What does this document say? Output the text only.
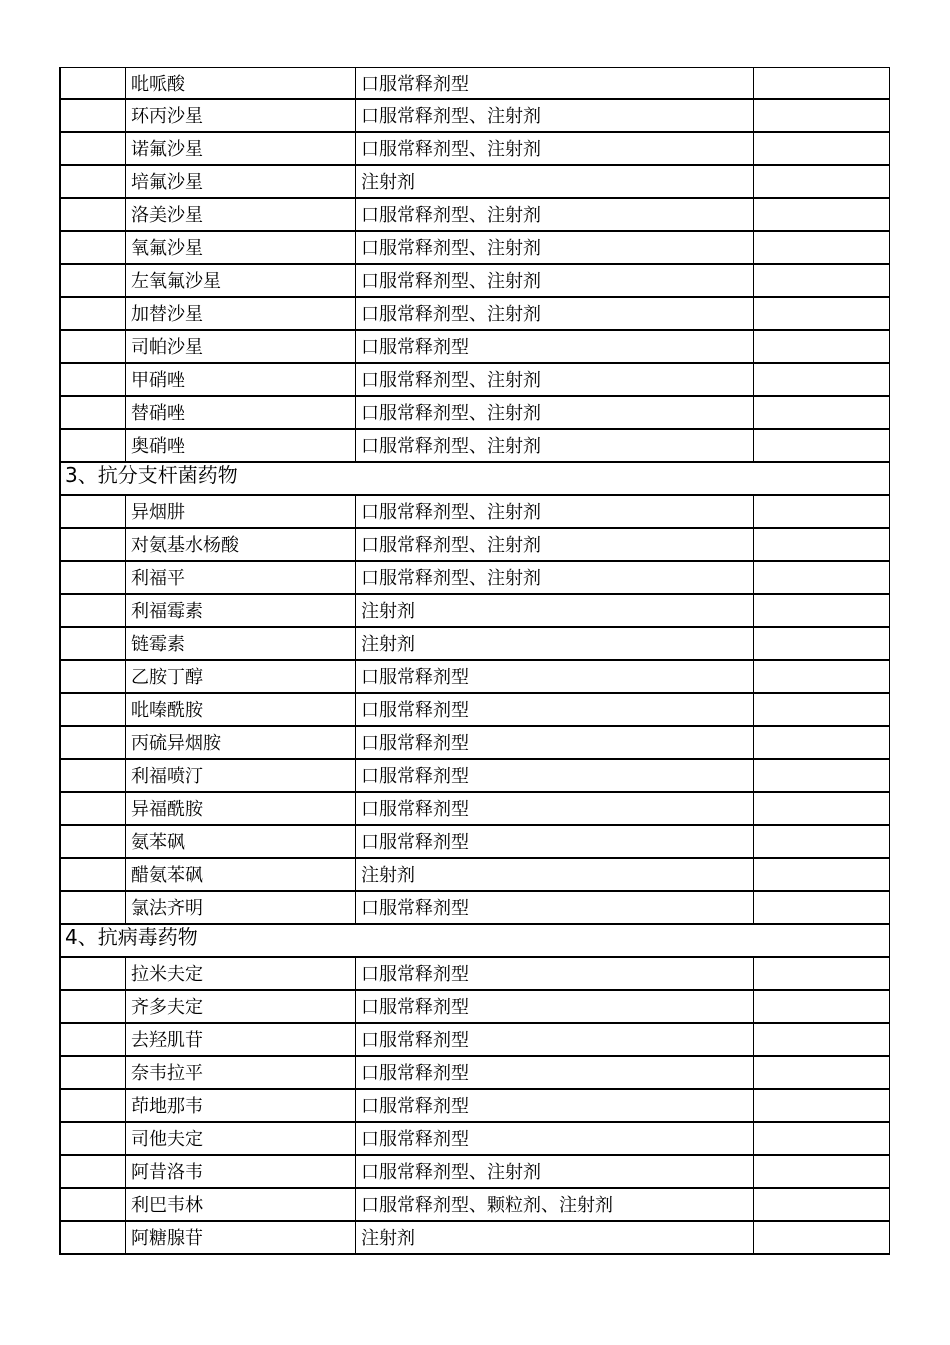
吡哌酸	口服常释剂型
环丙沙星	口服常释剂型、注射剂
诺氟沙星	口服常释剂型、注射剂
培氟沙星	注射剂
洛美沙星	口服常释剂型、注射剂
氧氟沙星	口服常释剂型、注射剂
左氧氟沙星	口服常释剂型、注射剂
加替沙星	口服常释剂型、注射剂
司帕沙星	口服常释剂型
甲硝唑	口服常释剂型、注射剂
替硝唑	口服常释剂型、注射剂
奥硝唑	口服常释剂型、注射剂
3、抗分支杆菌药物
异烟肼	口服常释剂型、注射剂
对氨基水杨酸	口服常释剂型、注射剂
利福平	口服常释剂型、注射剂
利福霉素	注射剂
链霉素	注射剂
乙胺丁醇	口服常释剂型
吡嗪酰胺	口服常释剂型
丙硫异烟胺	口服常释剂型
利福喷汀	口服常释剂型
异福酰胺	口服常释剂型
氨苯砜	口服常释剂型
醋氨苯砜	注射剂
氯法齐明	口服常释剂型
4、抗病毒药物
拉米夫定	口服常释剂型
齐多夫定	口服常释剂型
去羟肌苷	口服常释剂型
奈韦拉平	口服常释剂型
茚地那韦	口服常释剂型
司他夫定	口服常释剂型
阿昔洛韦	口服常释剂型、注射剂
利巴韦林	口服常释剂型、颗粒剂、注射剂
阿糖腺苷	注射剂
